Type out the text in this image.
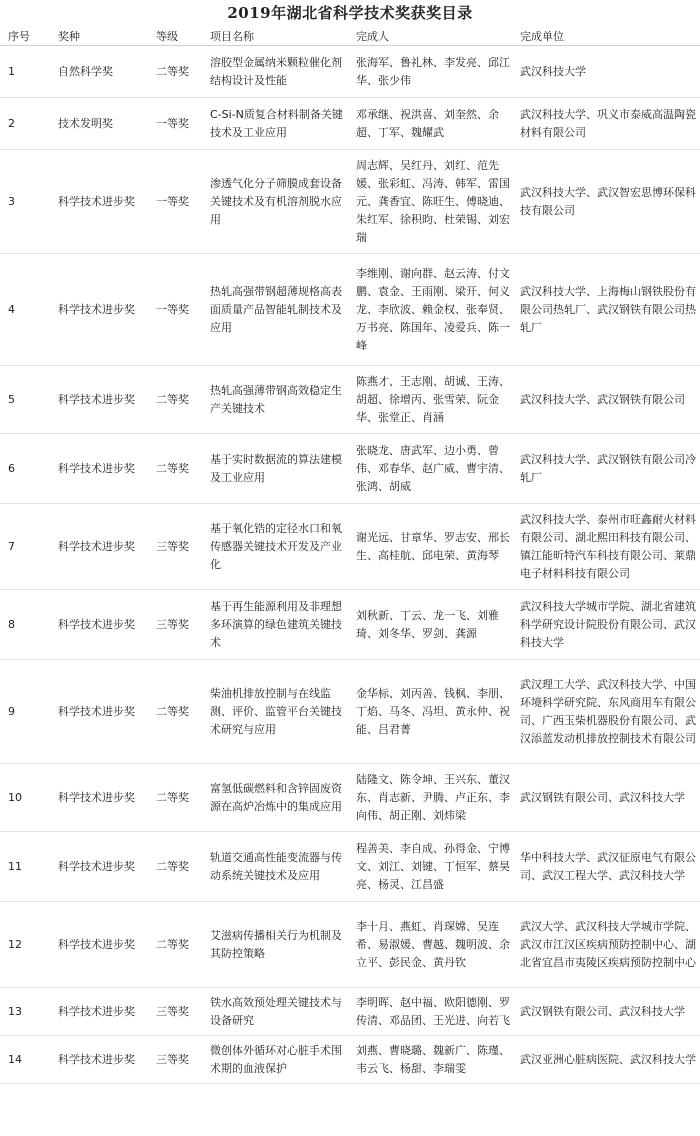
2019年湖北省科学技术奖获奖目录
序号	奖种	等级	项目名称	完成人	完成单位
1	自然科学奖	二等奖	溶胶型金属纳米颗粒催化剂结构设计及性能	张海军、鲁礼林、李发亮、邱江华、张少伟	武汉科技大学
2	技术发明奖	一等奖	C-Si-N质复合材料制备关键技术及工业应用	邓承继、祝洪喜、刘奎然、余超、丁军、魏耀武	武汉科技大学、巩义市泰威高温陶瓷材料有限公司
3	科学技术进步奖	一等奖	渗透气化分子筛膜成套设备关键技术及有机溶剂脱水应用	周志辉、吴红丹、刘红、范先媛、张彩虹、冯涛、韩军、雷国元、龚香宜、陈旺生、傅晓迪、朱红军、徐积昀、杜荣锡、刘宏瑞	武汉科技大学、武汉智宏思博环保科技有限公司
4	科学技术进步奖	一等奖	热轧高强带钢超薄规格高表面质量产品智能轧制技术及应用	李维刚、谢向群、赵云涛、付文鹏、袁金、王雨刚、梁开、何义龙、李欣波、赖金权、张奉贤、万书亮、陈国年、凌爱兵、陈一峰	武汉科技大学、上海梅山钢铁股份有限公司热轧厂、武汉钢铁有限公司热轧厂
5	科学技术进步奖	二等奖	热轧高强薄带钢高效稳定生产关键技术	陈燕才、王志刚、胡诚、王涛、胡超、徐增丙、张雪荣、阮金华、张堂正、肖涵	武汉科技大学、武汉钢铁有限公司
6	科学技术进步奖	二等奖	基于实时数据流的算法建模及工业应用	张晓龙、唐武军、边小勇、曾伟、邓春华、赵广威、曹宇清、张鸿、胡威	武汉科技大学、武汉钢铁有限公司冷轧厂
7	科学技术进步奖	三等奖	基于氧化锆的定径水口和氧传感器关键技术开发及产业化	谢光远、甘章华、罗志安、邢长生、高桂航、邱电荣、黄海琴	武汉科技大学、泰州市旺鑫耐火材料有限公司、湖北熙田科技有限公司、镇江能昕特汽车科技有限公司、莱鼎电子材料科技有限公司
8	科学技术进步奖	三等奖	基于再生能源利用及非理想多环演算的绿色建筑关键技术	刘秋新、丁云、龙一飞、刘雅琦、刘冬华、罗剑、龚源	武汉科技大学城市学院、湖北省建筑科学研究设计院股份有限公司、武汉科技大学
9	科学技术进步奖	二等奖	柴油机排放控制与在线监测、评价、监管平台关键技术研究与应用	金华标、刘丙善、钱枫、李朋、丁焰、马冬、冯坦、黄永仲、祝能、吕君菁	武汉理工大学、武汉科技大学、中国环境科学研究院、东风商用车有限公司、广西玉柴机器股份有限公司、武汉添蓝发动机排放控制技术有限公司
10	科学技术进步奖	二等奖	富氢低碳燃料和含锌固废资源在高炉冶炼中的集成应用	陆隆文、陈令坤、王兴东、董汉东、肖志新、尹腾、卢正东、李向伟、胡正刚、刘炜梁	武汉钢铁有限公司、武汉科技大学
11	科学技术进步奖	二等奖	轨道交通高性能变流器与传动系统关键技术及应用	程善美、李自成、孙得金、宁博文、刘江、刘键、丁恒军、蔡昊亮、杨灵、江昌盛	华中科技大学、武汉征原电气有限公司、武汉工程大学、武汉科技大学
12	科学技术进步奖	二等奖	艾滋病传播相关行为机制及其防控策略	李十月、燕虹、肖琛嫦、吴连希、易淑媛、曹越、魏明波、余立平、彭民金、黄丹钦	武汉大学、武汉科技大学城市学院、武汉市江汉区疾病预防控制中心、湖北省宜昌市夷陵区疾病预防控制中心
13	科学技术进步奖	三等奖	铁水高效预处理关键技术与设备研究	李明晖、赵中福、欧阳德刚、罗传清、邓品团、王光进、向若飞	武汉钢铁有限公司、武汉科技大学
14	科学技术进步奖	三等奖	微创体外循环对心脏手术围术期的血液保护	刘燕、曹晓璐、魏新广、陈瑾、韦云飞、杨甜、李瑞雯	武汉亚洲心脏病医院、武汉科技大学
